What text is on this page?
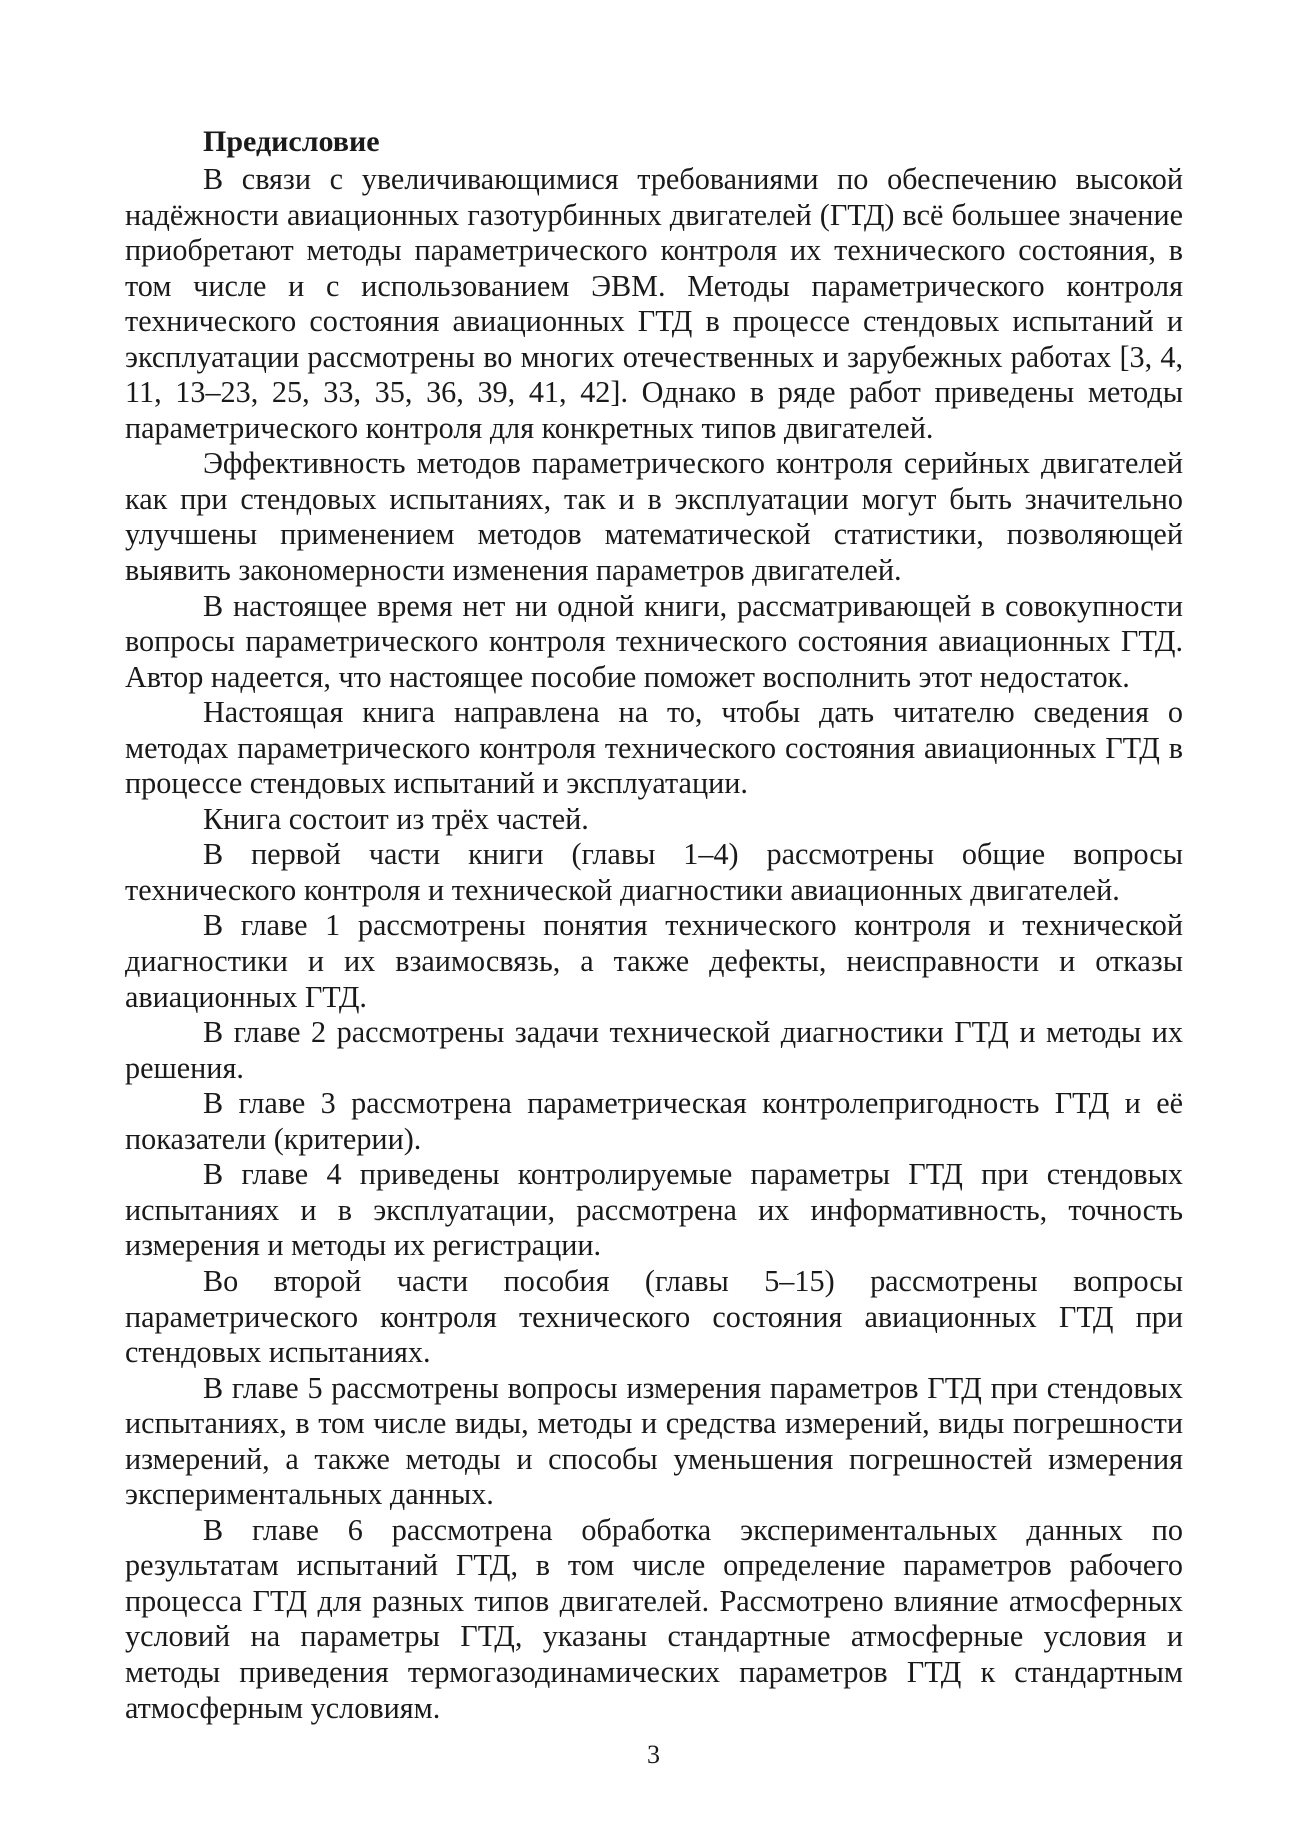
Предисловие

В связи с увеличивающимися требованиями по обеспечению высокой надёжности авиационных газотурбинных двигателей (ГТД) всё большее значение приобретают методы параметрического контроля их технического состояния, в том числе и с использованием ЭВМ. Методы параметрического контроля технического состояния авиационных ГТД в процессе стендовых испытаний и эксплуатации рассмотрены во многих отечественных и зарубежных работах [3, 4, 11, 13–23, 25, 33, 35, 36, 39, 41, 42]. Однако в ряде работ приведены методы параметрического контроля для конкретных типов двигателей.

Эффективность методов параметрического контроля серийных двигателей как при стендовых испытаниях, так и в эксплуатации могут быть значительно улучшены применением методов математической статистики, позволяющей выявить закономерности изменения параметров двигателей.

В настоящее время нет ни одной книги, рассматривающей в совокупности вопросы параметрического контроля технического состояния авиационных ГТД. Автор надеется, что настоящее пособие поможет восполнить этот недостаток.

Настоящая книга направлена на то, чтобы дать читателю сведения о методах параметрического контроля технического состояния авиационных ГТД в процессе стендовых испытаний и эксплуатации.

Книга состоит из трёх частей.

В первой части книги (главы 1–4) рассмотрены общие вопросы технического контроля и технической диагностики авиационных двигателей.

В главе 1 рассмотрены понятия технического контроля и технической диагностики и их взаимосвязь, а также дефекты, неисправности и отказы авиационных ГТД.

В главе 2 рассмотрены задачи технической диагностики ГТД и методы их решения.

В главе 3 рассмотрена параметрическая контролепригодность ГТД и её показатели (критерии).

В главе 4 приведены контролируемые параметры ГТД при стендовых испытаниях и в эксплуатации, рассмотрена их информативность, точность измерения и методы их регистрации.

Во второй части пособия (главы 5–15) рассмотрены вопросы параметрического контроля технического состояния авиационных ГТД при стендовых испытаниях.

В главе 5 рассмотрены вопросы измерения параметров ГТД при стендовых испытаниях, в том числе виды, методы и средства измерений, виды погрешности измерений, а также методы и способы уменьшения погрешностей измерения экспериментальных данных.

В главе 6 рассмотрена обработка экспериментальных данных по результатам испытаний ГТД, в том числе определение параметров рабочего процесса ГТД для разных типов двигателей. Рассмотрено влияние атмосферных условий на параметры ГТД, указаны стандартные атмосферные условия и методы приведения термогазодинамических параметров ГТД к стандартным атмосферным условиям.

3
